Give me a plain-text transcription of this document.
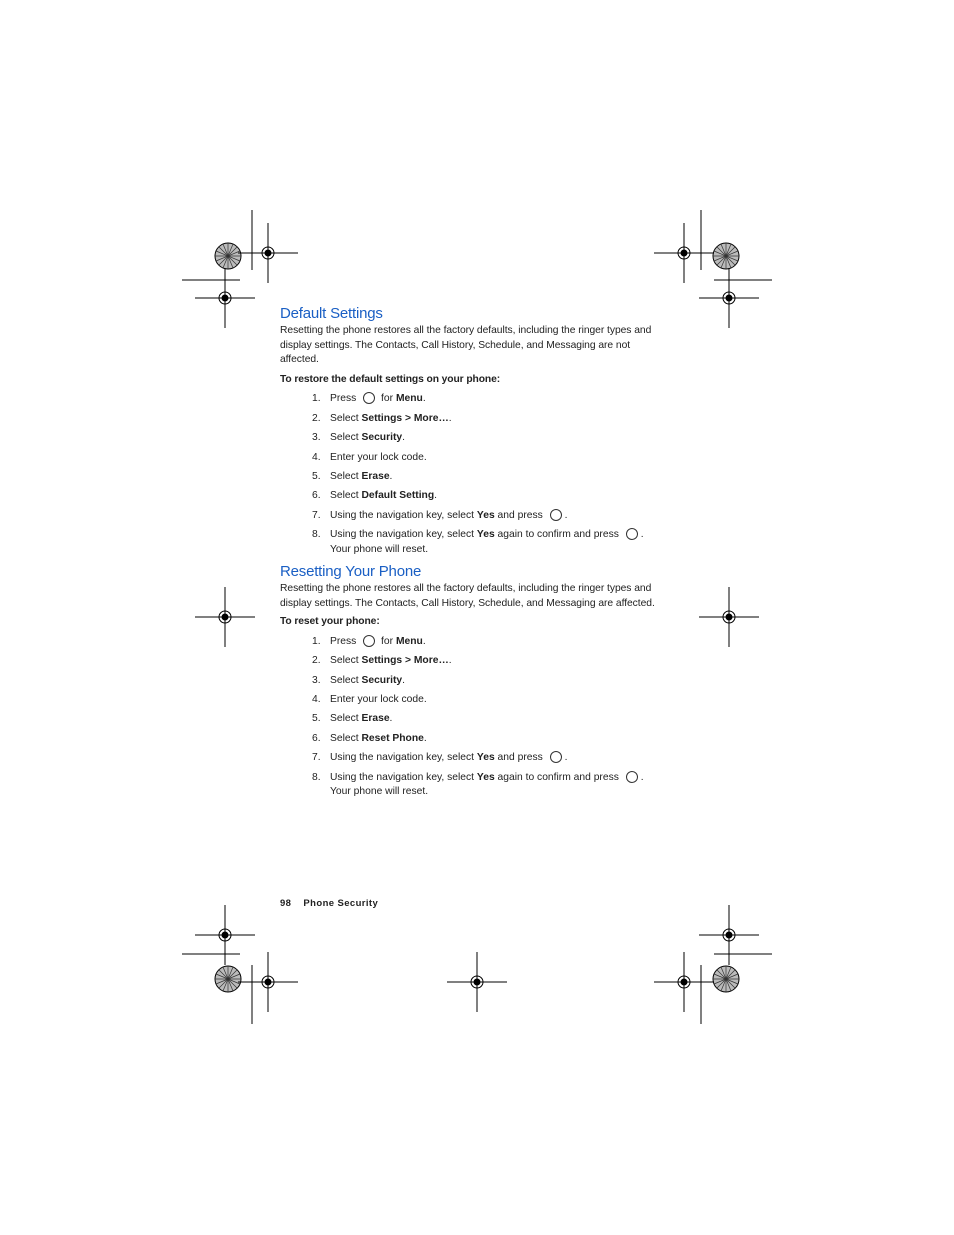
Default Settings

Resetting the phone restores all the factory defaults, including the ringer types and display settings. The Contacts, Call History, Schedule, and Messaging are not affected.

To restore the default settings on your phone:

1. Press  for Menu.
2. Select Settings > More….
3. Select Security.
4. Enter your lock code.
5. Select Erase.
6. Select Default Setting.
7. Using the navigation key, select Yes and press .
8. Using the navigation key, select Yes again to confirm and press .
Your phone will reset.
Resetting Your Phone

Resetting the phone restores all the factory defaults, including the ringer types and display settings. The Contacts, Call History, Schedule, and Messaging are affected.

To reset your phone:

1. Press  for Menu.
2. Select Settings > More….
3. Select Security.
4. Enter your lock code.
5. Select Erase.
6. Select Reset Phone.
7. Using the navigation key, select Yes and press .
8. Using the navigation key, select Yes again to confirm and press .
Your phone will reset.
98 Phone Security
